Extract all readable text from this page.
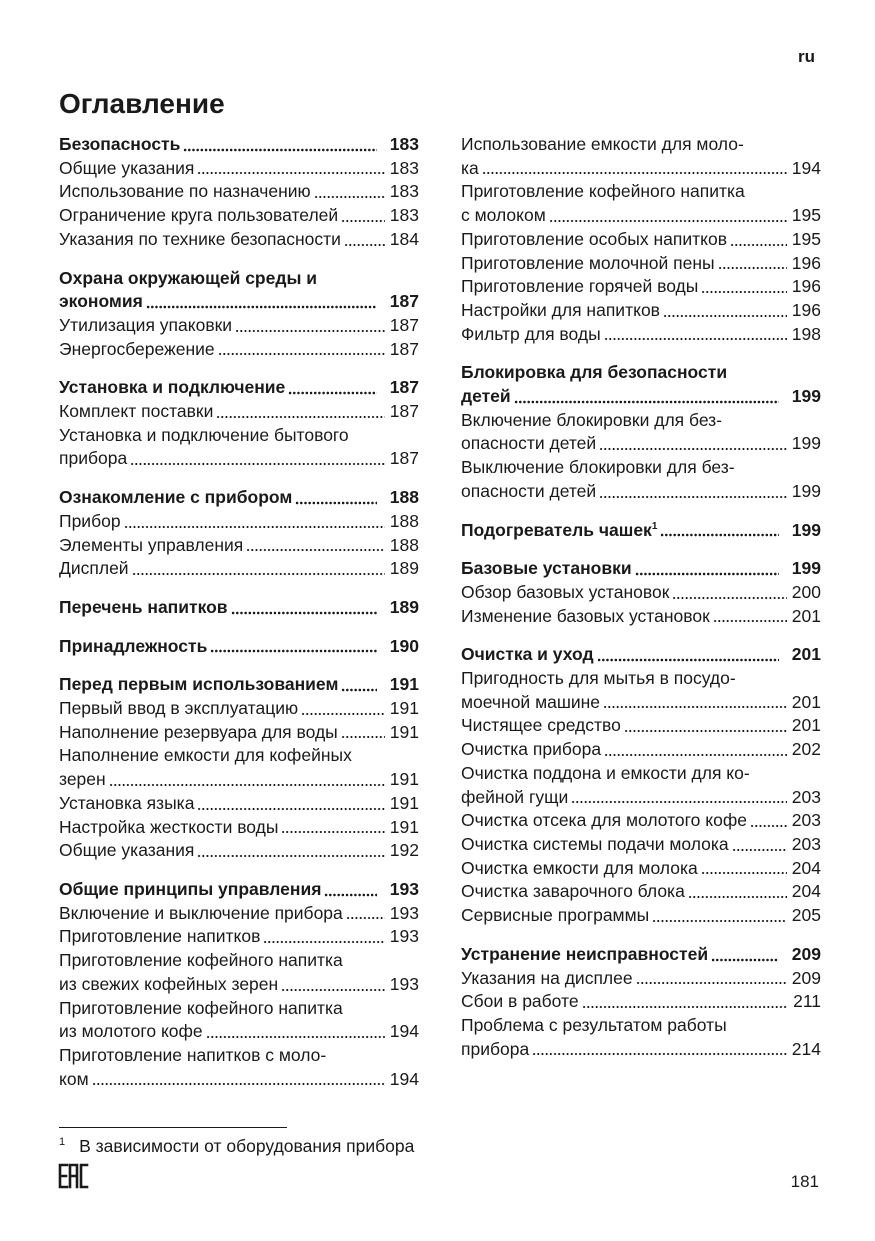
ru
Оглавление
Безопасность	183
Общие указания	183
Использование по назначению	183
Ограничение круга пользователей	183
Указания по технике безопасности	184
Охрана окружающей среды и
экономия	187
Утилизация упаковки	187
Энергосбережение	187
Установка и подключение	187
Комплект поставки	187
Установка и подключение бытового
прибора	187
Ознакомление с прибором	188
Прибор	188
Элементы управления	188
Дисплей	189
Перечень напитков	189
Принадлежность	190
Перед первым использованием	191
Первый ввод в эксплуатацию	191
Наполнение резервуара для воды	191
Наполнение емкости для кофейных
зерен	191
Установка языка	191
Настройка жесткости воды	191
Общие указания	192
Общие принципы управления	193
Включение и выключение прибора	193
Приготовление напитков	193
Приготовление кофейного напитка
из свежих кофейных зерен	193
Приготовление кофейного напитка
из молотого кофе	194
Приготовление напитков с моло-
ком	194
Использование емкости для моло-
ка	194
Приготовление кофейного напитка
с молоком	195
Приготовление особых напитков	195
Приготовление молочной пены	196
Приготовление горячей воды	196
Настройки для напитков	196
Фильтр для воды	198
Блокировка для безопасности
детей	199
Включение блокировки для без-
опасности детей	199
Выключение блокировки для без-
опасности детей	199
Подогреватель чашек$^1$	199
Базовые установки	199
Обзор базовых установок	200
Изменение базовых установок	201
Очистка и уход	201
Пригодность для мытья в посудо-
моечной машине	201
Чистящее средство	201
Очистка прибора	202
Очистка поддона и емкости для ко-
фейной гущи	203
Очистка отсека для молотого кофе	203
Очистка системы подачи молока	203
Очистка емкости для молока	204
Очистка заварочного блока	204
Сервисные программы	205
Устранение неисправностей	209
Указания на дисплее	209
Сбои в работе	211
Проблема с результатом работы
прибора	214
$^1$ В зависимости от оборудования прибора
181
